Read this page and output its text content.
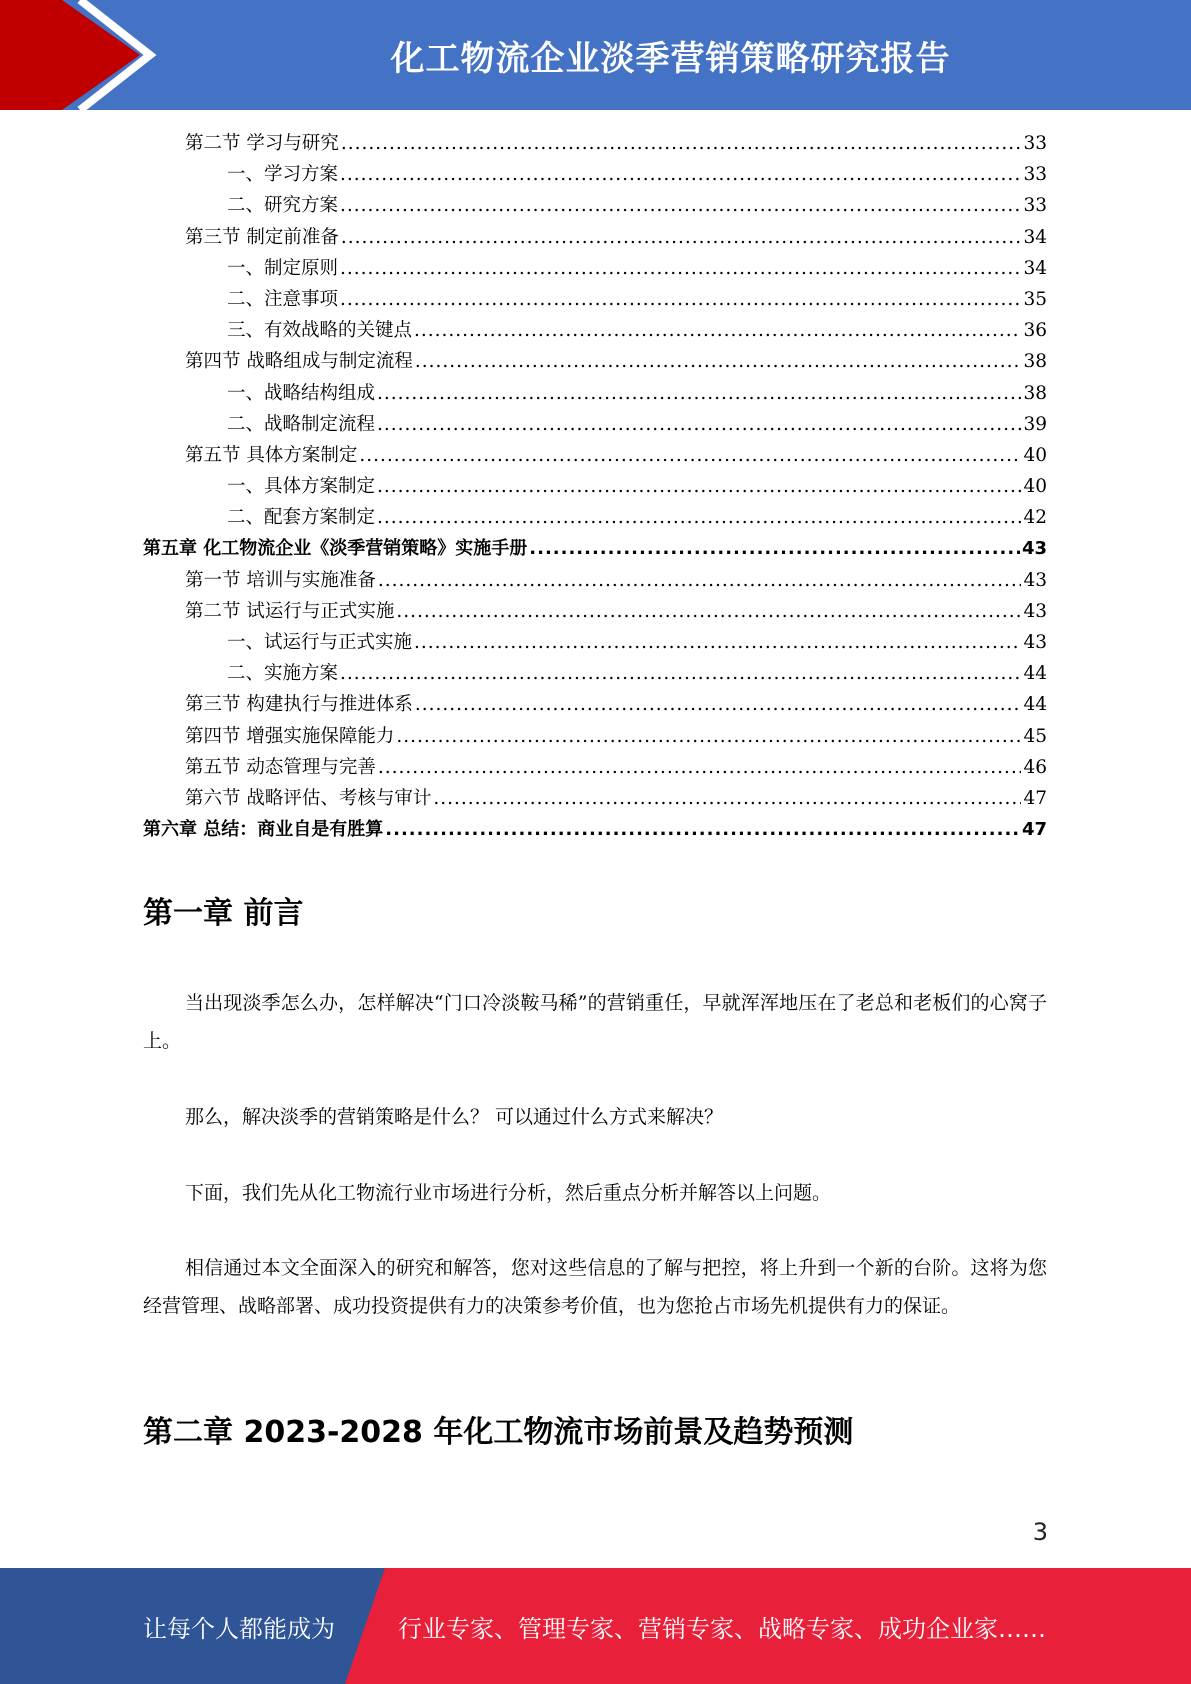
化工物流企业淡季营销策略研究报告
第二节 学习与研究 .....	33
一、学习方案 .....	33
二、研究方案 .....	33
第三节 制定前准备 .....	34
一、制定原则 .....	34
二、注意事项 .....	35
三、有效战略的关键点 .....	36
第四节 战略组成与制定流程 .....	38
一、战略结构组成 .....	38
二、战略制定流程 .....	39
第五节 具体方案制定 .....	40
一、具体方案制定 .....	40
二、配套方案制定 .....	42
第五章 化工物流企业《淡季营销策略》实施手册 .....	43
第一节 培训与实施准备 .....	43
第二节 试运行与正式实施 .....	43
一、试运行与正式实施 .....	43
二、实施方案 .....	44
第三节 构建执行与推进体系 .....	44
第四节 增强实施保障能力 .....	45
第五节 动态管理与完善 .....	46
第六节 战略评估、考核与审计 .....	47
第六章 总结：商业自是有胜算 .....	47
第一章 前言

当出现淡季怎么办，怎样解决“门口冷淡鞍马稀”的营销重任，早就浑浑地压在了老总和老板们的心窝子上。

那么，解决淡季的营销策略是什么？ 可以通过什么方式来解决？

下面，我们先从化工物流行业市场进行分析，然后重点分析并解答以上问题。

相信通过本文全面深入的研究和解答，您对这些信息的了解与把控，将上升到一个新的台阶。这将为您经营管理、战略部署、成功投资提供有力的决策参考价值，也为您抢占市场先机提供有力的保证。

第二章 2023-2028 年化工物流市场前景及趋势预测
3
让每个人都能成为	行业专家、管理专家、营销专家、战略专家、成功企业家……
